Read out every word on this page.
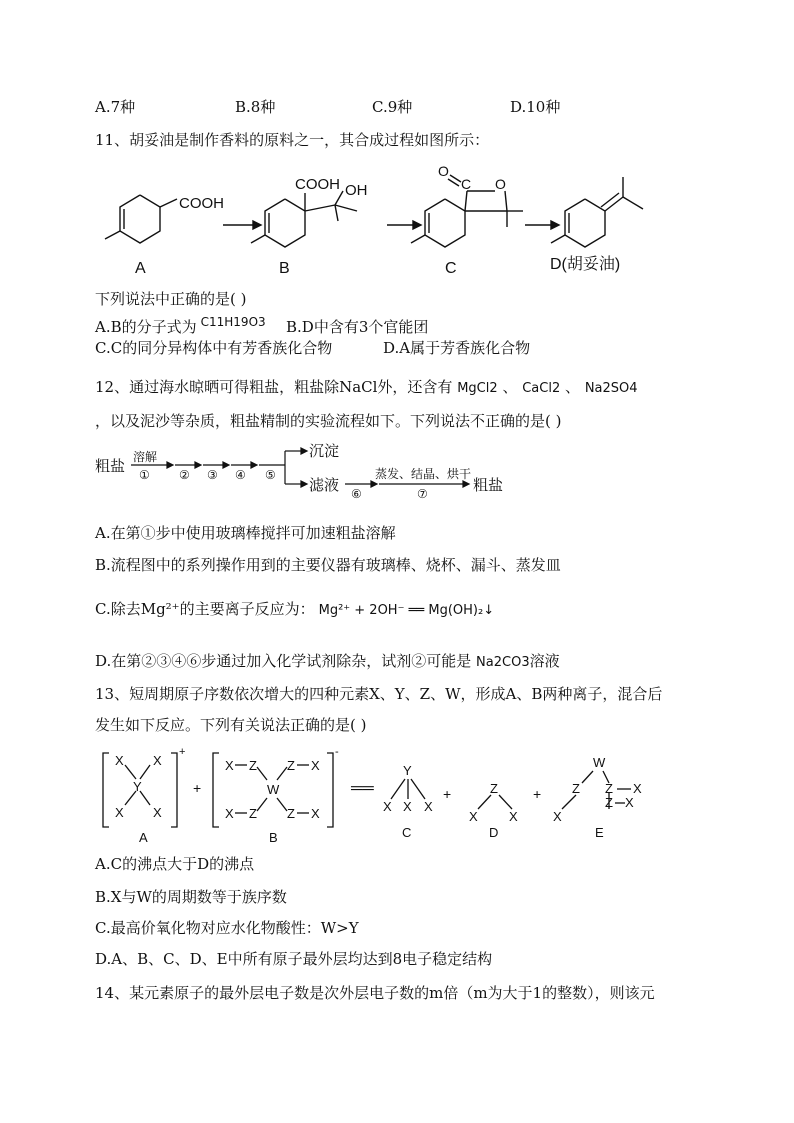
A.7种	B.8种	C.9种	D.10种
11、胡妥油是制作香料的原料之一，其合成过程如图所示：
COOH
COOH OH
O
C O
A	B	C	D(胡妥油)
下列说法中正确的是( )
A.B的分子式为 $^{C11H19O3}$ B.D中含有3个官能团
C.C的同分异构体中有芳香族化合物	D.A属于芳香族化合物
12、通过海水晾晒可得粗盐，粗盐除NaCl外，还含有 MgCl2 、 CaCl2 、 Na2SO4
，以及泥沙等杂质，粗盐精制的实验流程如下。下列说法不正确的是( )
粗盐 溶解
① ② ③ ④ ⑤
沉淀
滤液 ⑥
蒸发、结晶、烘干
⑦	粗盐
A.在第①步中使用玻璃棒搅拌可加速粗盐溶解
B.流程图中的系列操作用到的主要仪器有玻璃棒、烧杯、漏斗、蒸发皿
C.除去Mg²⁺的主要离子反应为： Mg²⁺ + 2OH⁻ ══ Mg(OH)₂↓
D.在第②③④⑥步通过加入化学试剂除杂，试剂②可能是 Na2CO3溶液
13、短周期原子序数依次增大的四种元素X、Y、Z、W，形成A、B两种离子，混合后
发生如下反应。下列有关说法正确的是( )
X X
Y
X X
+
A
+
X Z Z X
W
X Z Z X
-
B
══
Y
X X X
C
+	Z
X X
D
+
W
Z Z X
Z X
X
E
A.C的沸点大于D的沸点
B.X与W的周期数等于族序数
C.最高价氧化物对应水化物酸性：W>Y
D.A、B、C、D、E中所有原子最外层均达到8电子稳定结构
14、某元素原子的最外层电子数是次外层电子数的m倍（m为大于1的整数），则该元
